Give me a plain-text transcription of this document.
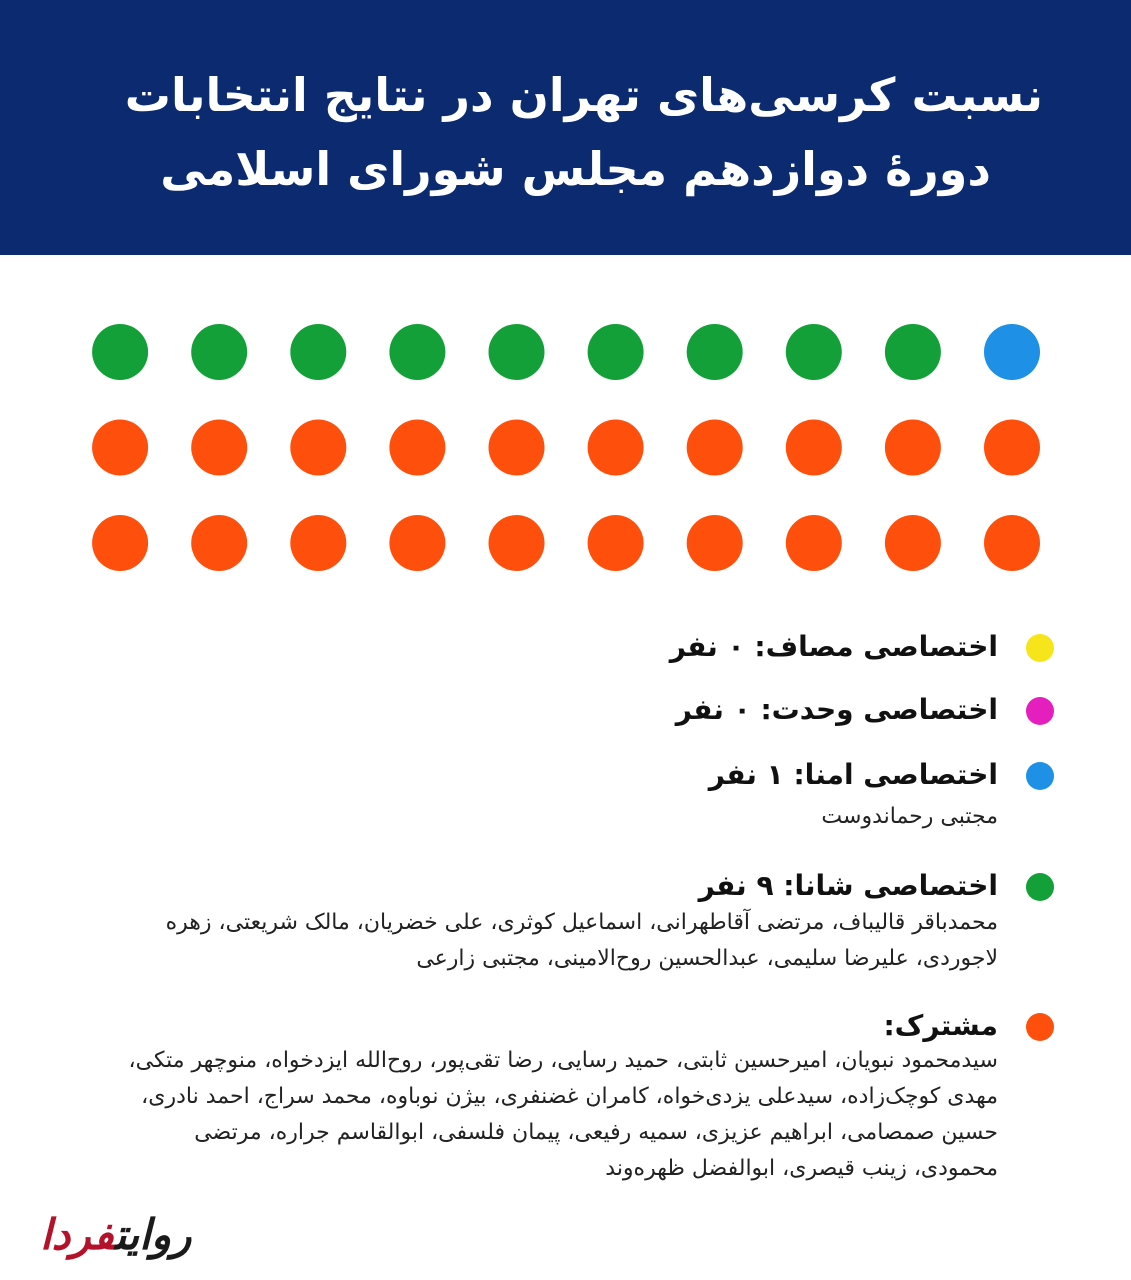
نسبت کرسی‌های تهران در نتایج انتخابات
دورهٔ دوازدهم مجلس شورای اسلامی
اختصاصی مصاف: ۰ نفر
اختصاصی وحدت: ۰ نفر
اختصاصی امنا: ۱ نفر
مجتبی رحماندوست
اختصاصی شانا: ۹ نفر
محمدباقر قالیباف، مرتضی آقاطهرانی، اسماعیل کوثری، علی خضریان، مالک شریعتی، زهره لاجوردی، علیرضا سلیمی، عبدالحسین روح‌الامینی، مجتبی زارعی
مشترک:
سیدمحمود نبویان، امیرحسین ثابتی، حمید رسایی، رضا تقی‌پور، روح‌الله ایزدخواه، منوچهر متکی، مهدی کوچک‌زاده، سیدعلی یزدی‌خواه، کامران غضنفری، بیژن نوباوه، محمد سراج، احمد نادری، حسین صمصامی، ابراهیم عزیزی، سمیه رفیعی، پیمان فلسفی، ابوالقاسم جراره، مرتضی محمودی، زینب قیصری، ابوالفضل ظهره‌وند
روایتفردا
